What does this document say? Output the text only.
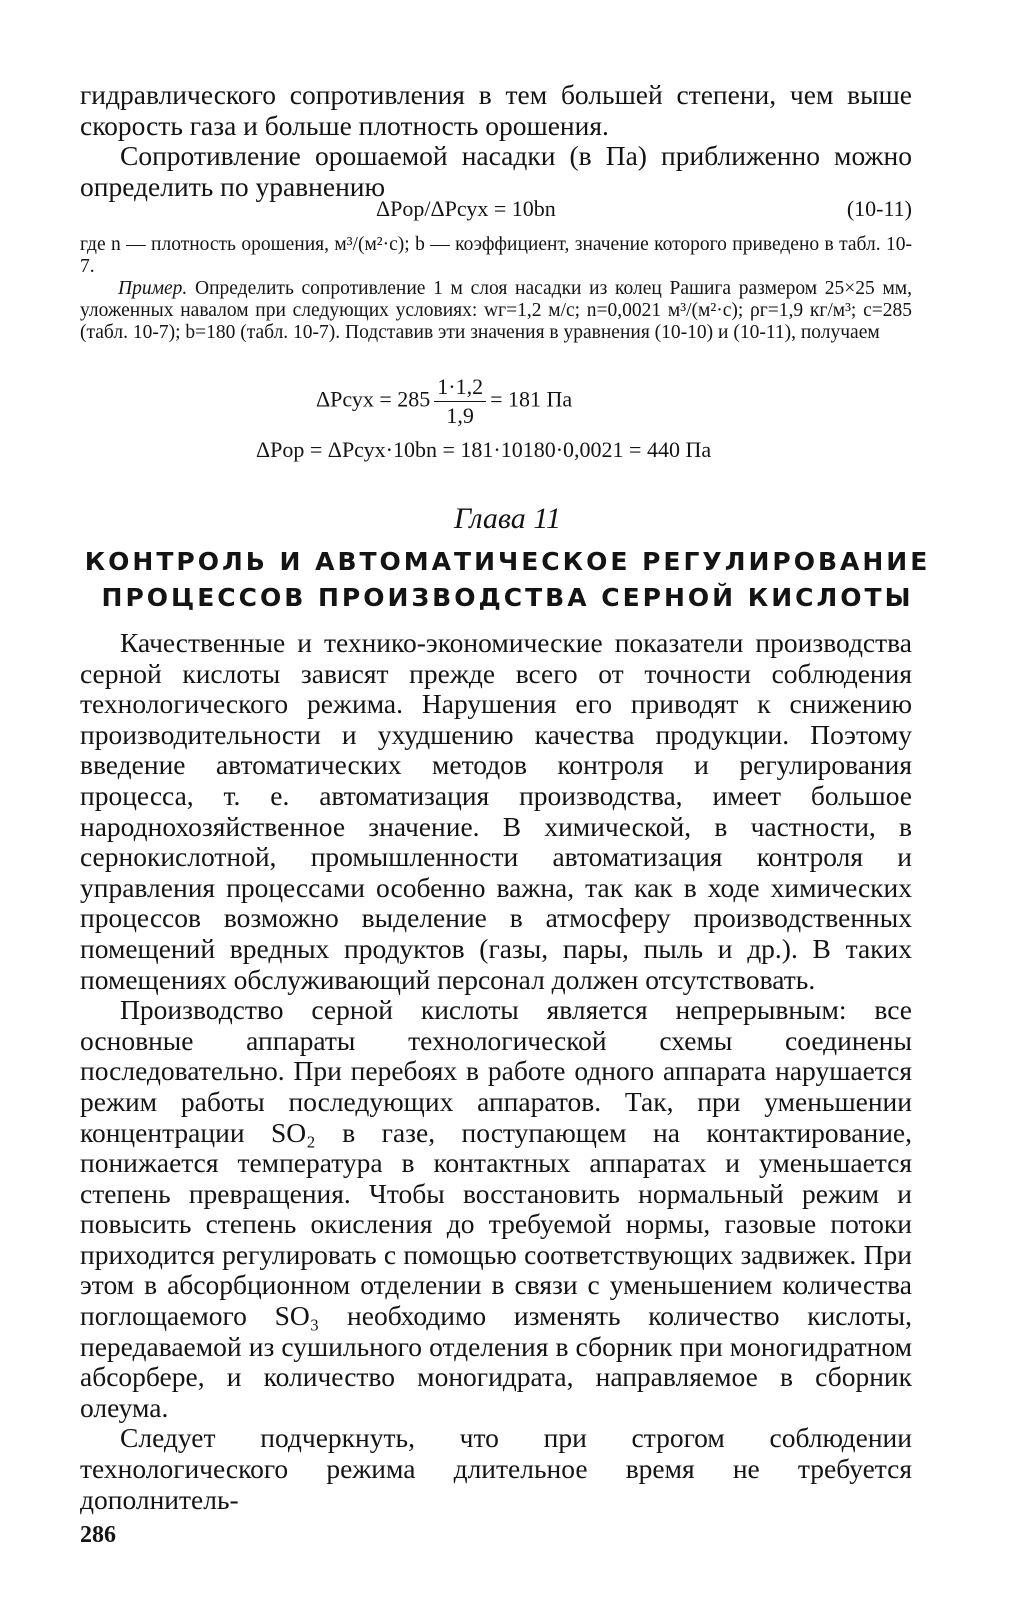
гидравлического сопротивления в тем большей степени, чем выше скорость газа и больше плотность орошения.

Сопротивление орошаемой насадки (в Па) приближенно можно определить по уравнению

ΔPор/ΔPсух = 10bn	(10-11)

где n — плотность орошения, м³/(м²·с); b — коэффициент, значение которого приведено в табл. 10-7.

Пример. Определить сопротивление 1 м слоя насадки из колец Рашига размером 25×25 мм, уложенных навалом при следующих условиях: wг=1,2 м/с; n=0,0021 м³/(м²·с); ρг=1,9 кг/м³; c=285 (табл. 10-7); b=180 (табл. 10-7). Подставив эти значения в уравнения (10-10) и (10-11), получаем

ΔPсух = $285 \frac{1\cdot 1,2}{1,9} = 181$ Па
ΔPор = ΔPсух·10bn = 181·10180·0,0021 = 440 Па
Глава 11
КОНТРОЛЬ И АВТОМАТИЧЕСКОЕ РЕГУЛИРОВАНИЕ
ПРОЦЕССОВ ПРОИЗВОДСТВА СЕРНОЙ КИСЛОТЫ

Качественные и технико-экономические показатели производства серной кислоты зависят прежде всего от точности соблюдения технологического режима. Нарушения его приводят к снижению производительности и ухудшению качества продукции. Поэтому введение автоматических методов контроля и регулирования процесса, т. е. автоматизация производства, имеет большое народнохозяйственное значение. В химической, в частности, в сернокислотной, промышленности автоматизация контроля и управления процессами особенно важна, так как в ходе химических процессов возможно выделение в атмосферу производственных помещений вредных продуктов (газы, пары, пыль и др.). В таких помещениях обслуживающий персонал должен отсутствовать.

Производство серной кислоты является непрерывным: все основные аппараты технологической схемы соединены последовательно. При перебоях в работе одного аппарата нарушается режим работы последующих аппаратов. Так, при уменьшении концентрации SO₂ в газе, поступающем на контактирование, понижается температура в контактных аппаратах и уменьшается степень превращения. Чтобы восстановить нормальный режим и повысить степень окисления до требуемой нормы, газовые потоки приходится регулировать с помощью соответствующих задвижек. При этом в абсорбционном отделении в связи с уменьшением количества поглощаемого SO₃ необходимо изменять количество кислоты, передаваемой из сушильного отделения в сборник при моногидратном абсорбере, и количество моногидрата, направляемое в сборник олеума.

Следует подчеркнуть, что при строгом соблюдении технологического режима длительное время не требуется дополнитель-

286
